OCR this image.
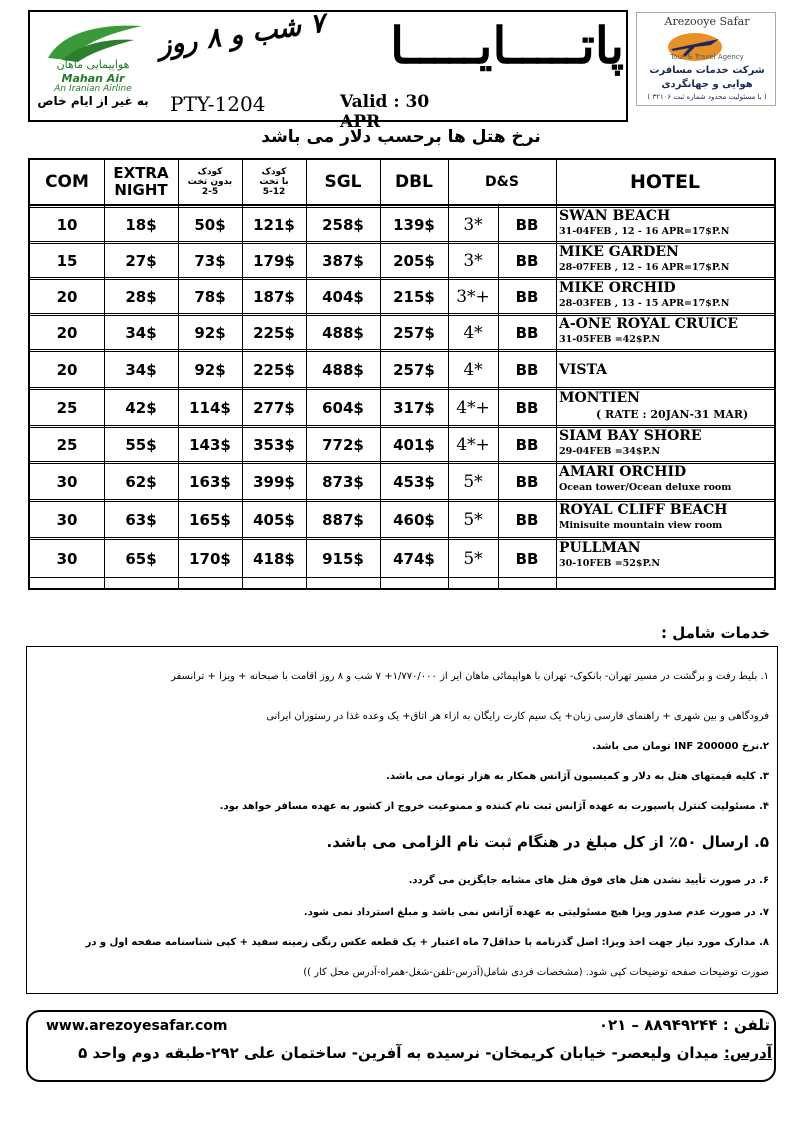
هواپیمایی ماهان
Mahan Air
An Iranian Airline
پاتـــــایـــــا
۷ شب و ۸ روز
به غیر از ایام خاص PTY-1204	Valid : 30 APR
Arezooye Safar
Tour & Travel Agency
شرکت خدمات مسافرت
هوایی و جهانگردی
( با مسئولیت محدود شماره ثبت ۳۲۱۰۶ )
نرخ هتل ها برحسب دلار می باشد
COM	EXTRA NIGHT
کودک
بدون تخت
2-5
کودک
با تخت
5-12	SGL	DBL	D&S	HOTEL
10	18$	50$	121$	258$	139$	3*	BB	SWAN BEACH
31-04FEB , 12 - 16 APR=17$P.N
15	27$	73$	179$	387$	205$	3*	BB	MIKE GARDEN
28-07FEB , 12 - 16 APR=17$P.N
20	28$	78$	187$	404$	215$	3*+	BB	MIKE ORCHID
28-03FEB , 13 - 15 APR=17$P.N
20	34$	92$	225$	488$	257$	4*	BB	A-ONE ROYAL CRUICE
31-05FEB =42$P.N
20	34$	92$	225$	488$	257$	4*	BB	VISTA
25	42$	114$	277$	604$	317$	4*+	BB
MONTIEN
( RATE : 20JAN-31 MAR)
25	55$	143$	353$	772$	401$	4*+	BB	SIAM BAY SHORE
29-04FEB =34$P.N
30	62$	163$	399$	873$	453$	5*	BB
AMARI ORCHID
Ocean tower/Ocean deluxe room
30	63$	165$	405$	887$	460$	5*	BB
ROYAL CLIFF BEACH
Minisuite mountain view room
30	65$	170$	418$	915$	474$	5*	BB
PULLMAN
30-10FEB =52$P.N
خدمات شامل :
۱. بلیط رفت و برگشت در مسیر تهران- بانکوک- تهران با هواپیمائی ماهان ایر از ۱/۷۷۰/۰۰۰+ ۷ شب و ۸ روز اقامت با صبحانه + ویزا + ترانسفر
فرودگاهی و بین شهری + راهنمای فارسی زبان+ یک سیم کارت رایگان به ازاء هر اتاق+ یک وعده غذا در رستوران ایرانی
۲.نرخ 200000 INF تومان می باشد.
۳. کلیه قیمتهای هتل به دلار و کمیسیون آژانس همکار به هزار تومان می باشد.
۴. مسئولیت کنترل پاسپورت به عهده آژانس ثبت نام کننده و ممنوعیت خروج از کشور به عهده مسافر خواهد بود.
۵. ارسال ۵۰٪ از کل مبلغ در هنگام ثبت نام الزامی می باشد.
۶. در صورت تأیید نشدن هتل های فوق هتل های مشابه جایگزین می گردد.
۷. در صورت عدم صدور ویزا هیچ مسئولیتی به عهده آژانس نمی باشد و مبلغ استرداد نمی شود.
۸. مدارک مورد نیاز جهت اخذ ویزا: اصل گذرنامه با حداقل7 ماه اعتبار + یک قطعه عکس رنگی زمینه سفید + کپی شناسنامه صفحه اول و در
صورت توضیحات صفحه توضیحات کپی شود. (مشخصات فردی شامل(آدرس-تلفن-شغل-همراه-آدرس محل کار ))
www.arezoyesafar.com	تلفن : ۸۸۹۴۹۲۴۴ – ۰۲۱
آدرس: میدان ولیعصر- خیابان کریمخان- نرسیده به آفرین- ساختمان علی ۲۹۲-طبقه دوم واحد ۵
